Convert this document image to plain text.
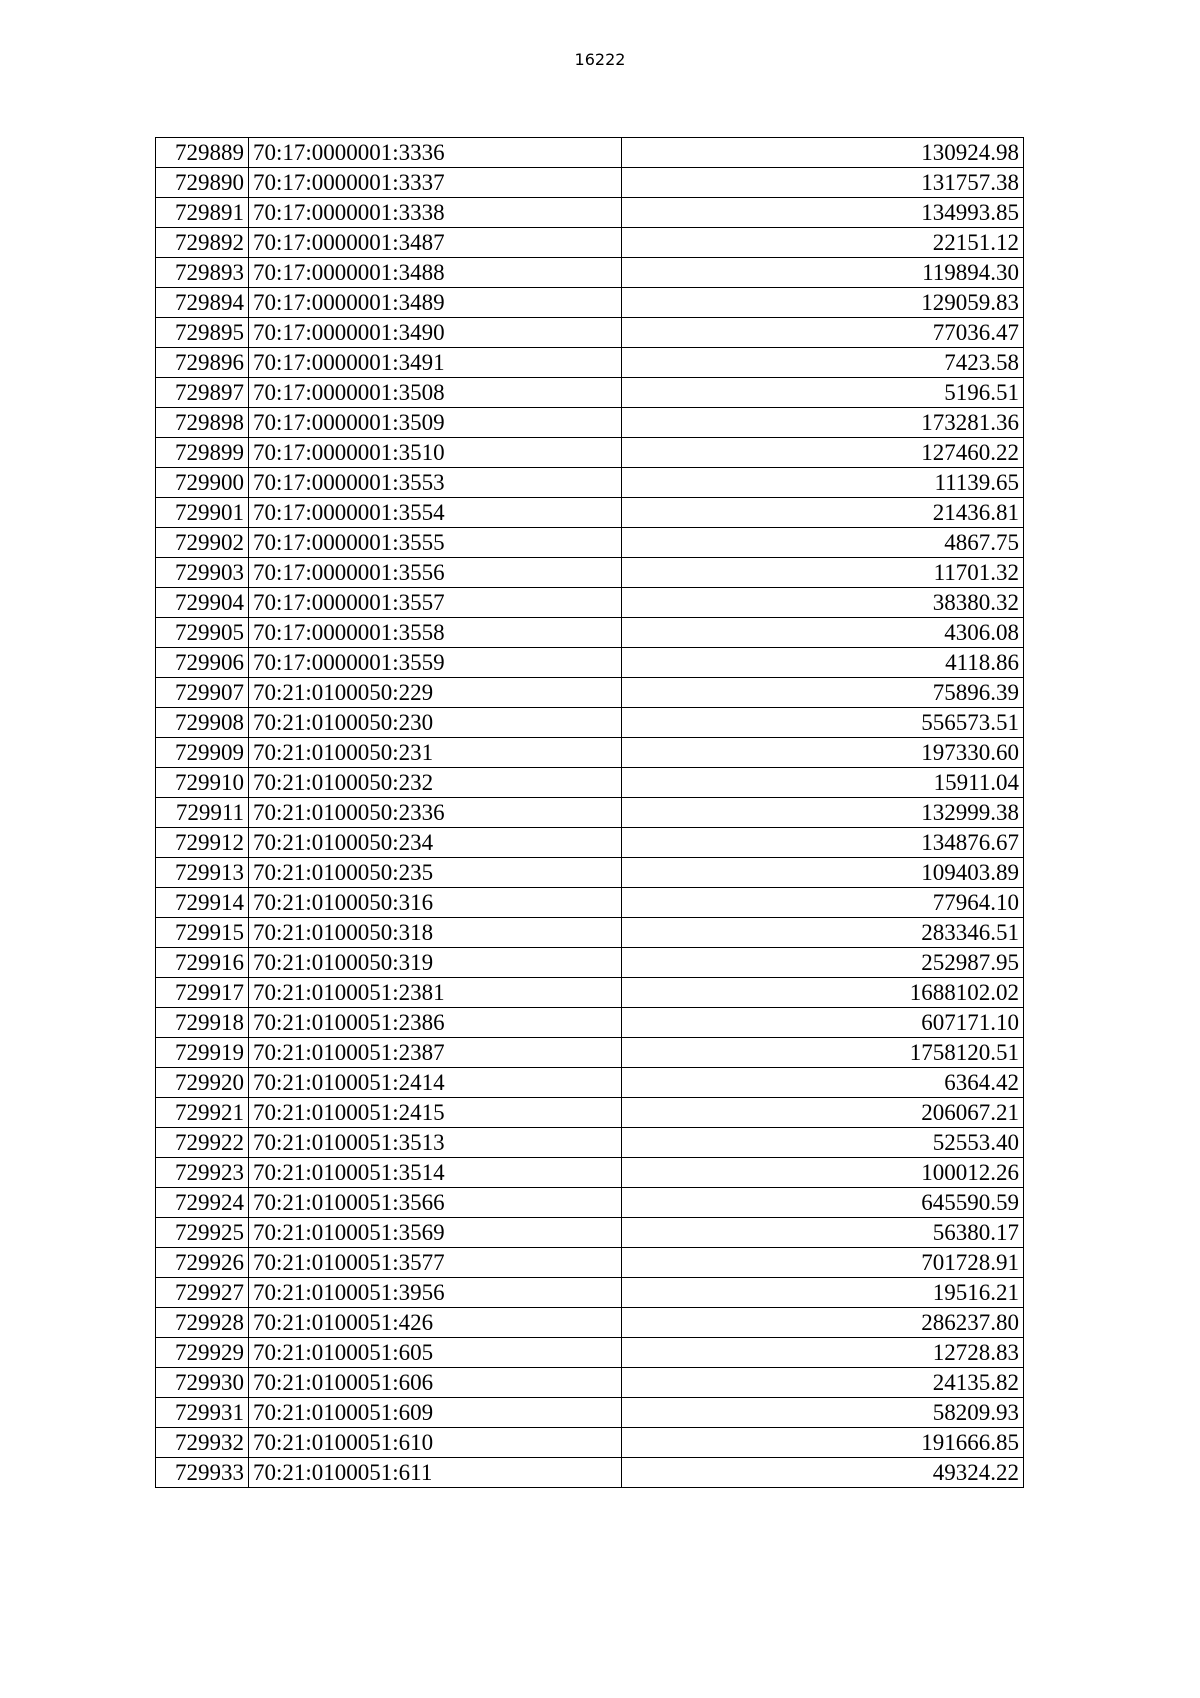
16222
729889	70:17:0000001:3336	130924.98
729890	70:17:0000001:3337	131757.38
729891	70:17:0000001:3338	134993.85
729892	70:17:0000001:3487	22151.12
729893	70:17:0000001:3488	119894.30
729894	70:17:0000001:3489	129059.83
729895	70:17:0000001:3490	77036.47
729896	70:17:0000001:3491	7423.58
729897	70:17:0000001:3508	5196.51
729898	70:17:0000001:3509	173281.36
729899	70:17:0000001:3510	127460.22
729900	70:17:0000001:3553	11139.65
729901	70:17:0000001:3554	21436.81
729902	70:17:0000001:3555	4867.75
729903	70:17:0000001:3556	11701.32
729904	70:17:0000001:3557	38380.32
729905	70:17:0000001:3558	4306.08
729906	70:17:0000001:3559	4118.86
729907	70:21:0100050:229	75896.39
729908	70:21:0100050:230	556573.51
729909	70:21:0100050:231	197330.60
729910	70:21:0100050:232	15911.04
729911	70:21:0100050:2336	132999.38
729912	70:21:0100050:234	134876.67
729913	70:21:0100050:235	109403.89
729914	70:21:0100050:316	77964.10
729915	70:21:0100050:318	283346.51
729916	70:21:0100050:319	252987.95
729917	70:21:0100051:2381	1688102.02
729918	70:21:0100051:2386	607171.10
729919	70:21:0100051:2387	1758120.51
729920	70:21:0100051:2414	6364.42
729921	70:21:0100051:2415	206067.21
729922	70:21:0100051:3513	52553.40
729923	70:21:0100051:3514	100012.26
729924	70:21:0100051:3566	645590.59
729925	70:21:0100051:3569	56380.17
729926	70:21:0100051:3577	701728.91
729927	70:21:0100051:3956	19516.21
729928	70:21:0100051:426	286237.80
729929	70:21:0100051:605	12728.83
729930	70:21:0100051:606	24135.82
729931	70:21:0100051:609	58209.93
729932	70:21:0100051:610	191666.85
729933	70:21:0100051:611	49324.22
